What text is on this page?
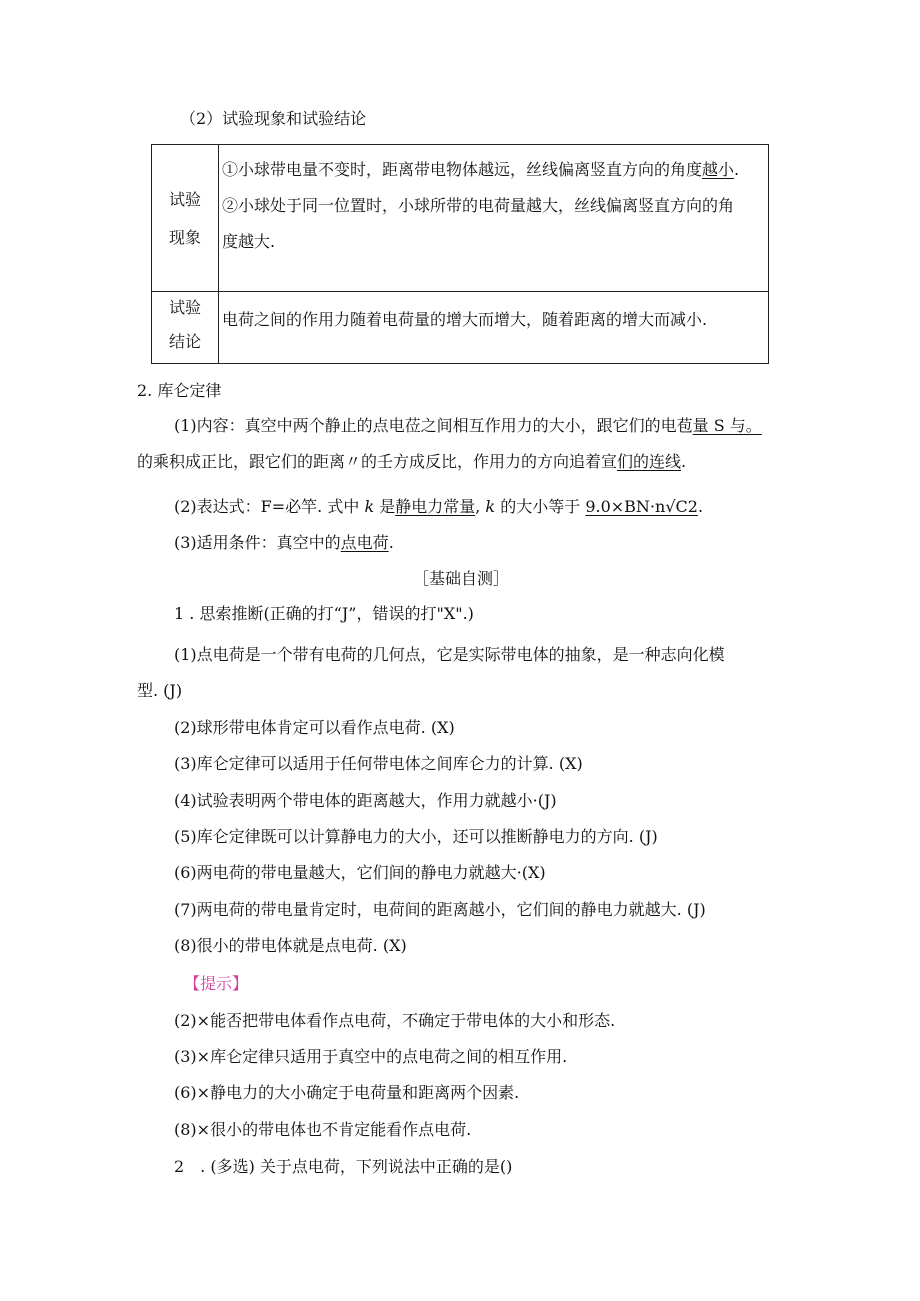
（2）试验现象和试验结论
试验
现象
①小球带电量不变时，距离带电物体越远，丝线偏离竖直方向的角度越小.
②小球处于同一位置时，小球所带的电荷量越大，丝线偏离竖直方向的角
度越大.
试验
结论
电荷之间的作用力随着电荷量的增大而增大，随着距离的增大而减小.
2. 库仑定律
(1)内容：真空中两个静止的点电莅之间相互作用力的大小，跟它们的电苞量 S 与。
的乘积成正比，跟它们的距离〃的壬方成反比，作用力的方向追着宣们的连线.
(2)表达式：F=必竿. 式中 k 是静电力常量, k 的大小等于 9.0×BN·n√C2.
(3)适用条件：真空中的点电荷.
［基础自测］
1 . 思索推断(正确的打“J”，错误的打"X".)
(1)点电荷是一个带有电荷的几何点，它是实际带电体的抽象，是一种志向化模
型. (J)
(2)球形带电体肯定可以看作点电荷. (X)
(3)库仑定律可以适用于任何带电体之间库仑力的计算. (X)
(4)试验表明两个带电体的距离越大，作用力就越小·(J)
(5)库仑定律既可以计算静电力的大小，还可以推断静电力的方向. (J)
(6)两电荷的带电量越大，它们间的静电力就越大·(X)
(7)两电荷的带电量肯定时，电荷间的距离越小，它们间的静电力就越大. (J)
(8)很小的带电体就是点电荷. (X)
【提示】
(2)×能否把带电体看作点电荷，不确定于带电体的大小和形态.
(3)×库仑定律只适用于真空中的点电荷之间的相互作用.
(6)×静电力的大小确定于电荷量和距离两个因素.
(8)×很小的带电体也不肯定能看作点电荷.
2　. (多选) 关于点电荷，下列说法中正确的是()
